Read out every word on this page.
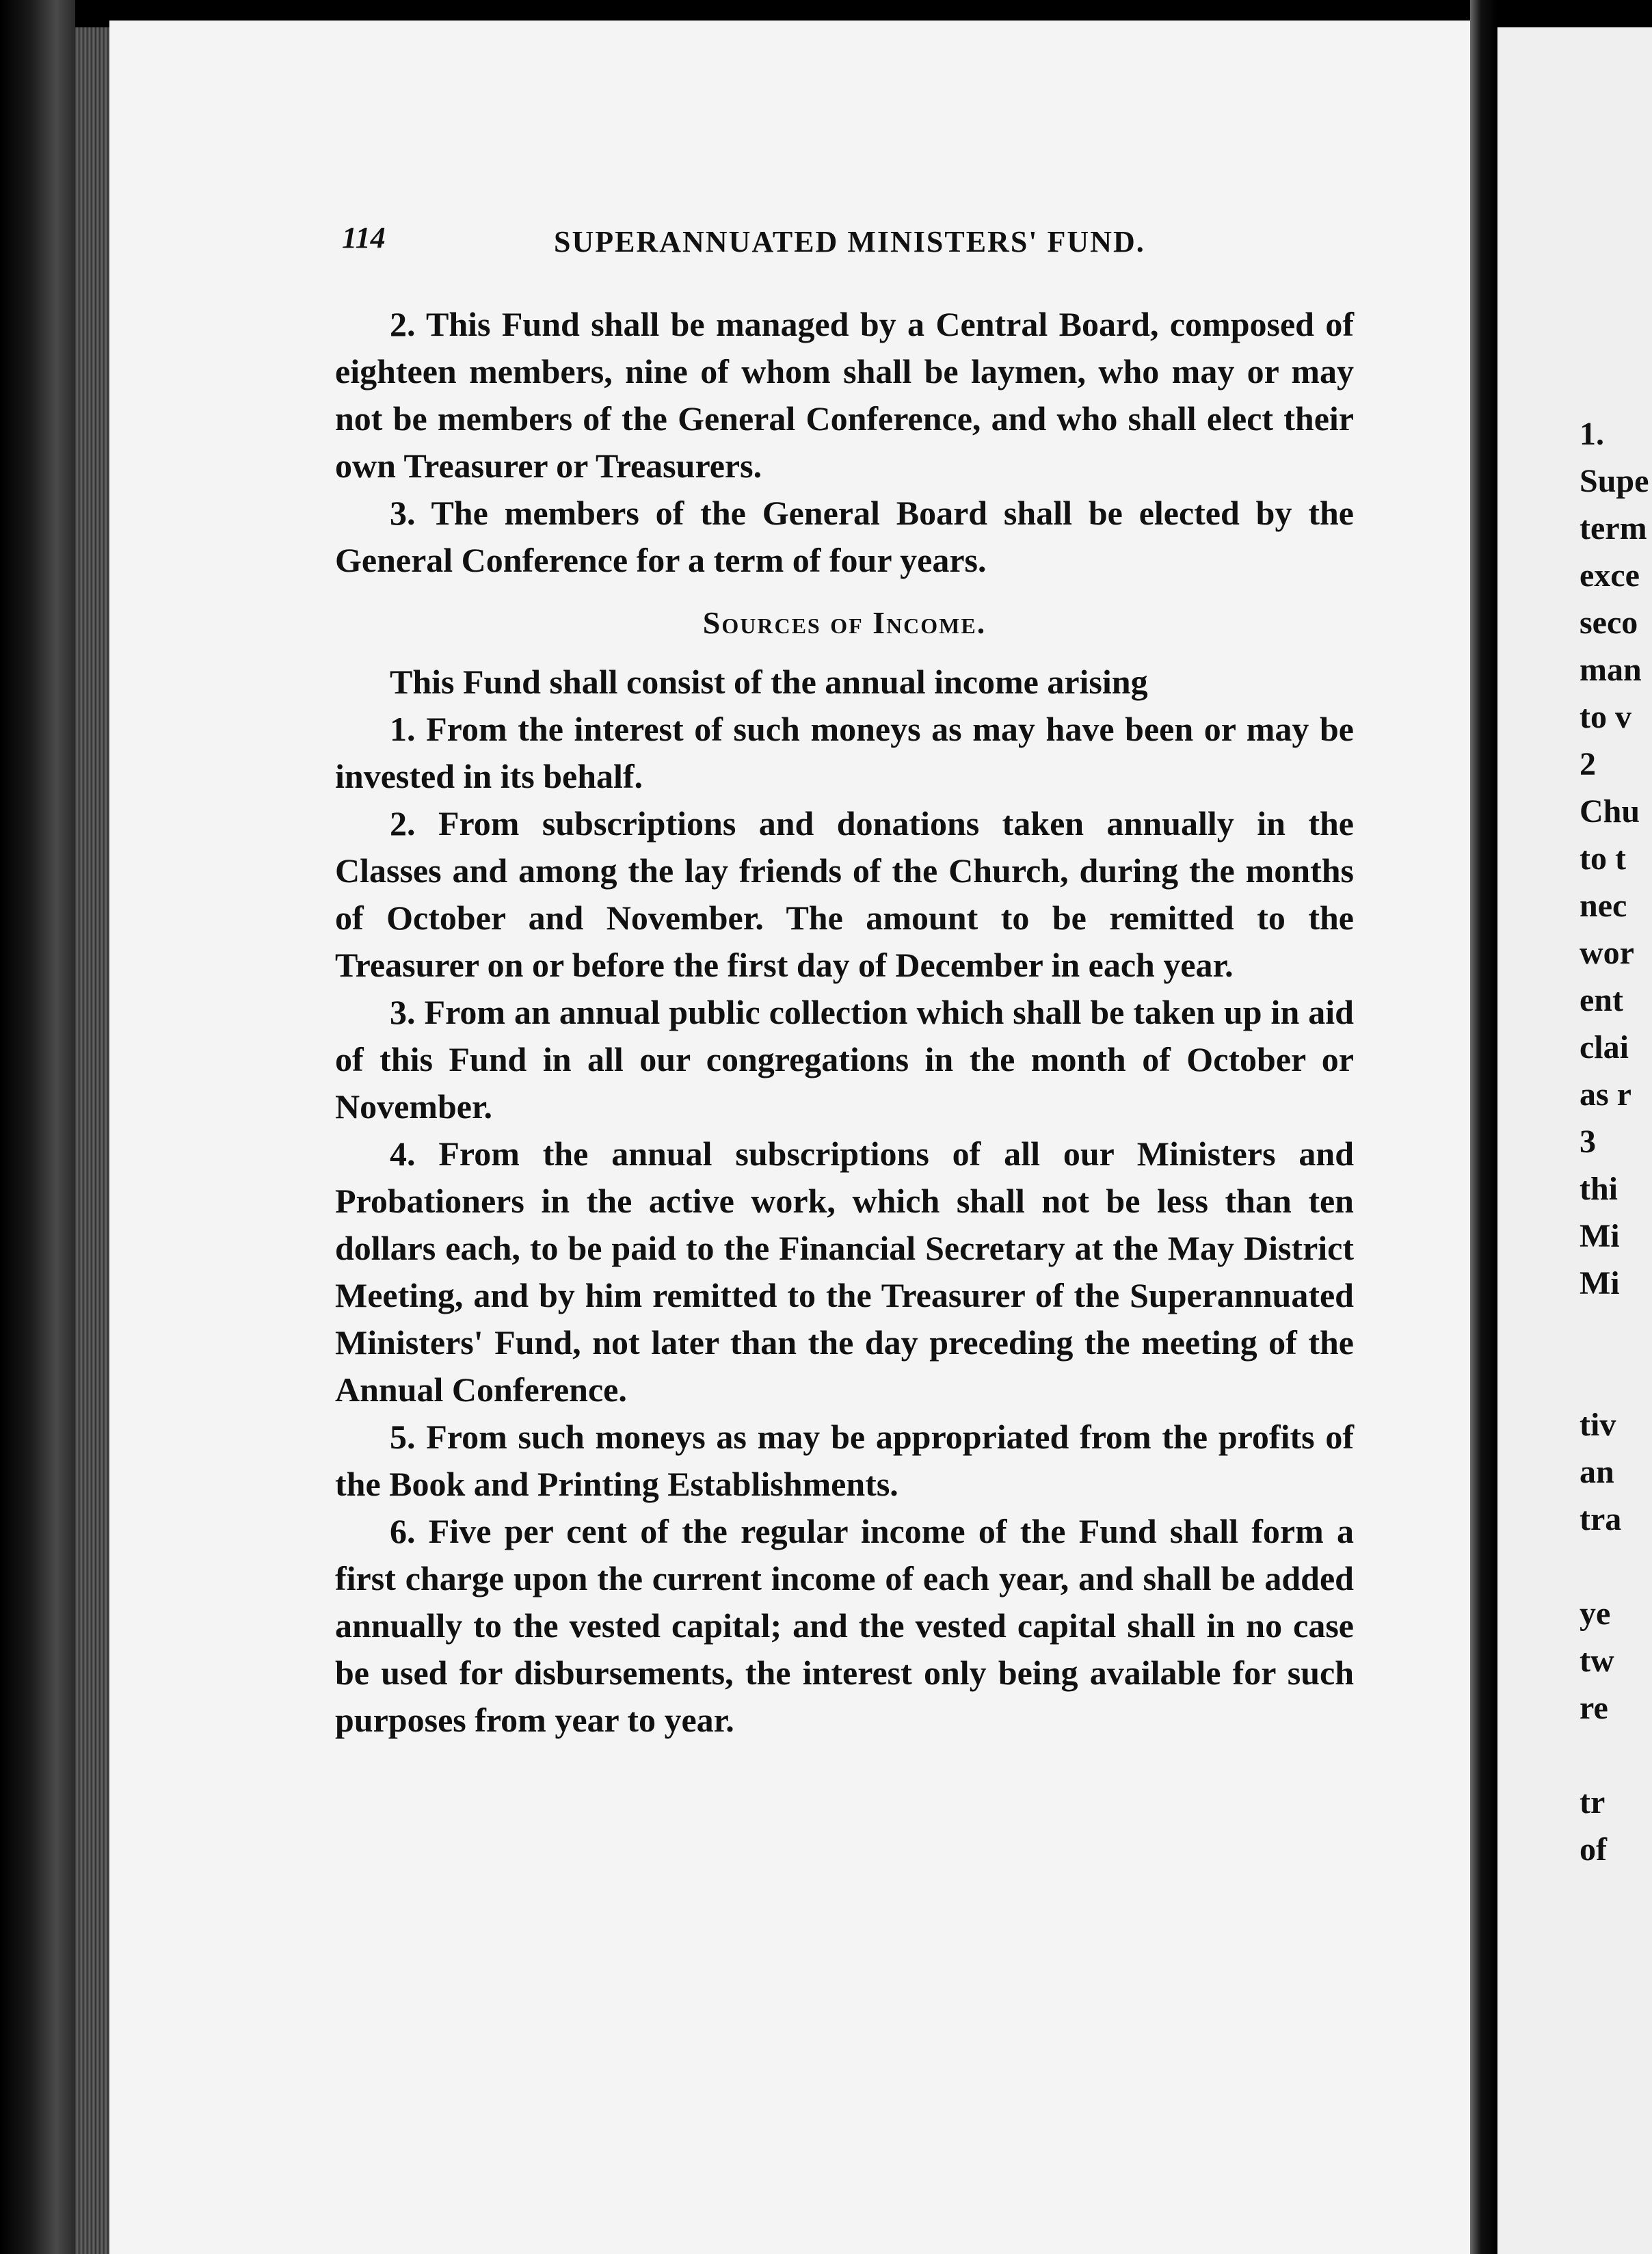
114	SUPERANNUATED MINISTERS' FUND.

2. This Fund shall be managed by a Central Board, composed of eighteen members, nine of whom shall be laymen, who may or may not be members of the General Conference, and who shall elect their own Treasurer or Treasurers.

3. The members of the General Board shall be elected by the General Conference for a term of four years.

Sources of Income.

This Fund shall consist of the annual income arising

1. From the interest of such moneys as may have been or may be invested in its behalf.

2. From subscriptions and donations taken annually in the Classes and among the lay friends of the Church, during the months of October and November. The amount to be remitted to the Treasurer on or before the first day of December in each year.

3. From an annual public collection which shall be taken up in aid of this Fund in all our congregations in the month of October or November.

4. From the annual subscriptions of all our Ministers and Probationers in the active work, which shall not be less than ten dollars each, to be paid to the Financial Secretary at the May District Meeting, and by him remitted to the Treasurer of the Superannuated Ministers' Fund, not later than the day preceding the meeting of the Annual Conference.

5. From such moneys as may be appropriated from the profits of the Book and Printing Establishments.

6. Five per cent of the regular income of the Fund shall form a first charge upon the current income of each year, and shall be added annually to the vested capital; and the vested capital shall in no case be used for disbursements, the interest only being available for such purposes from year to year.

1.
Supe
term
exce
seco
man
to v
2
Chu
to t
nec
wor
ent
clai
as r
3
thi
Mi
Mi

tiv
an
tra

ye
tw
re

tr
of
